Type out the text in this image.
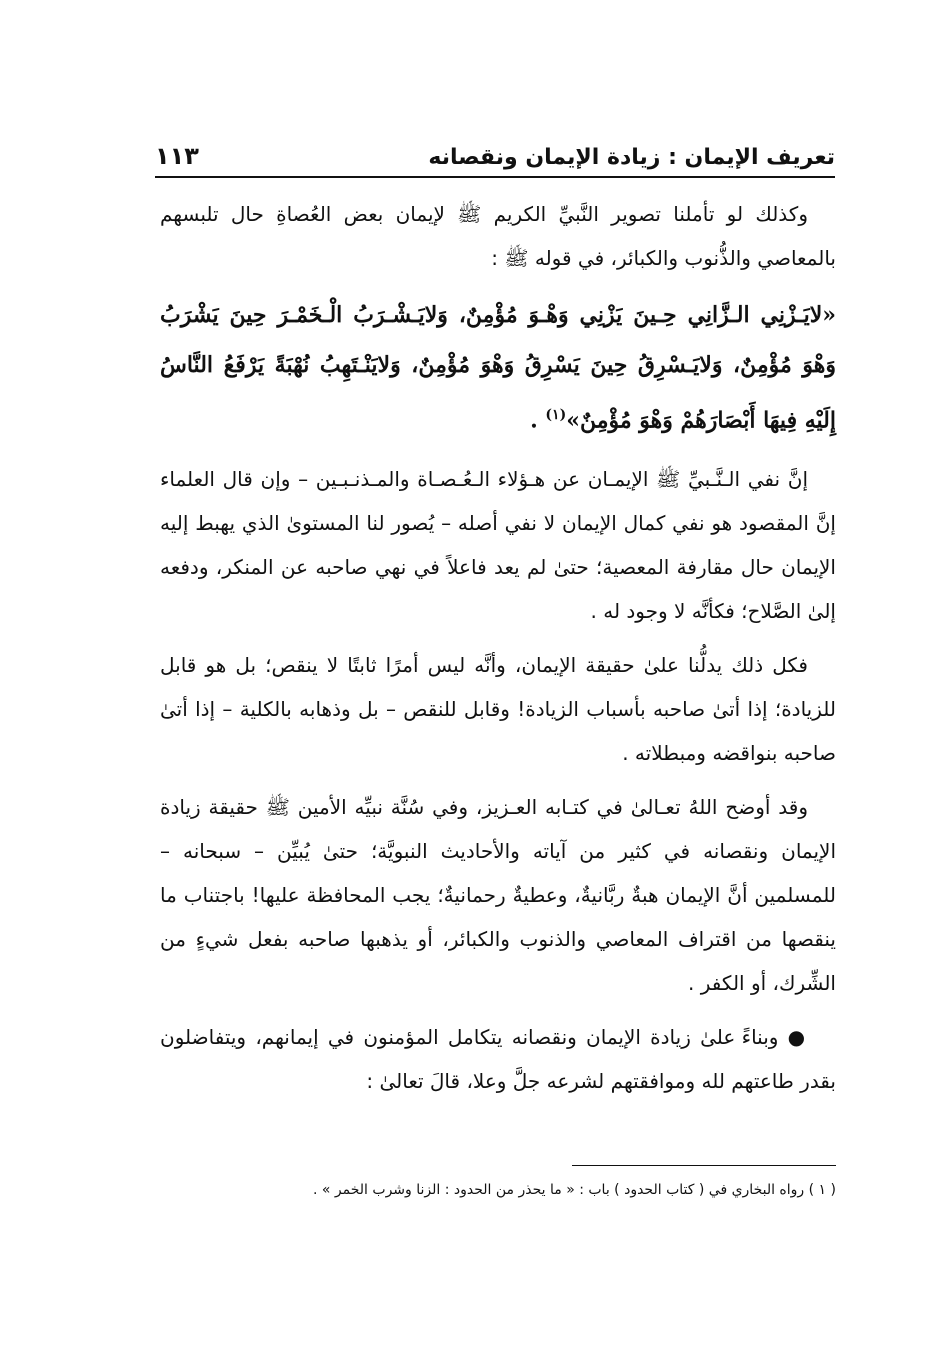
تعريف الإيمان : زيادة الإيمان ونقصانه
١١٣

وكذلك لو تأملنا تصوير النَّبيِّ الكريم ﷺ لإيمان بعض العُصاةِ حال تلبسهم بالمعاصي والذُّنوب والكبائر، في قوله ﷺ :

«لايَـزْنِي الـزَّانِي حِـينَ يَزْنِي وَهْـوَ مُؤْمِنٌ، وَلايَـشْـرَبُ الْـخَمْـرَ حِينَ يَشْرَبُ وَهْوَ مُؤْمِنٌ، وَلايَـسْرِقُ حِينَ يَسْرِقُ وَهْوَ مُؤْمِنٌ، وَلايَنْـتَهِبُ نُهْبَةً يَرْفَعُ النَّاسُ إِلَيْهِ فِيهَا أَبْصَارَهُمْ وَهْوَ مُؤْمِنٌ»$^{(١)}$ .

إنَّ نفي الـنَّـبيِّ ﷺ الإيمـان عن هـؤلاء الـعُـصـاة والمـذنـبـين – وإن قال العلماء إنَّ المقصود هو نفي كمال الإيمان لا نفي أصله – يُصور لنا المستوىٰ الذي يهبط إليه الإيمان حال مقارفة المعصية؛ حتىٰ لم يعد فاعلاً في نهي صاحبه عن المنكر، ودفعه إلىٰ الصَّلاح؛ فكأنَّه لا وجود له .

فكل ذلك يدلُّنا علىٰ حقيقة الإيمان، وأنَّه ليس أمرًا ثابتًا لا ينقص؛ بل هو قابل للزيادة؛ إذا أتىٰ صاحبه بأسباب الزيادة! وقابل للنقص – بل وذهابه بالكلية – إذا أتىٰ صاحبه بنواقضه ومبطلاته .

وقد أوضح اللهُ تعـالىٰ في كتـابه العـزيز، وفي سُنَّة نبيِّه الأمين ﷺ حقيقة زيادة الإيمان ونقصانه في كثير من آياته والأحاديث النبويَّة؛ حتىٰ يُبيِّن – سبحانه – للمسلمين أنَّ الإيمان هبةٌ ربَّانيةٌ، وعطيةٌ رحمانيةٌ؛ يجب المحافظة عليها! باجتناب ما ينقصها من اقتراف المعاصي والذنوب والكبائر، أو يذهبها صاحبه بفعل شيءٍ من الشِّرك، أو الكفر .

● وبناءً علىٰ زيادة الإيمان ونقصانه يتكامل المؤمنون في إيمانهم، ويتفاضلون بقدر طاعتهم لله وموافقتهم لشرعه جلَّ وعلا، قالَ تعالىٰ :

( ١ ) رواه البخاري في ( كتاب الحدود ) باب : « ما يحذر من الحدود : الزنا وشرب الخمر » .
